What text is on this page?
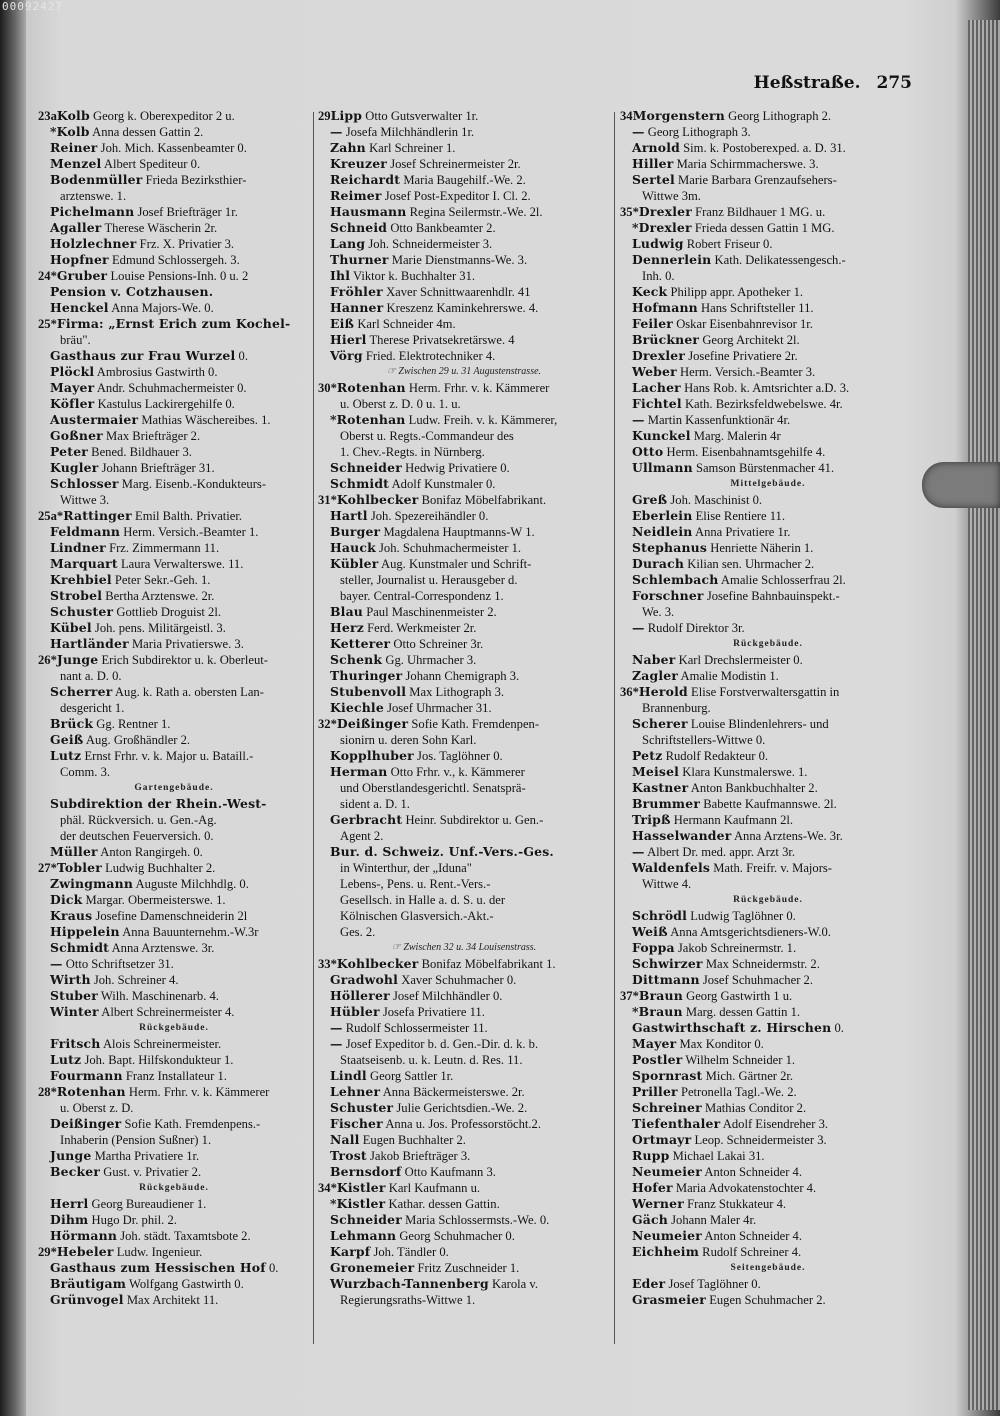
00092427
Heßstraße. 275
23aKolb Georg k. Oberexpeditor 2 u.
*Kolb Anna dessen Gattin 2.
Reiner Joh. Mich. Kassenbeamter 0.
Menzel Albert Spediteur 0.
Bodenmüller Frieda Bezirksthier-
arztenswe. 1.
Pichelmann Josef Briefträger 1r.
Agaller Therese Wäscherin 2r.
Holzlechner Frz. X. Privatier 3.
Hopfner Edmund Schlossergeh. 3.
24*Gruber Louise Pensions-Inh. 0 u. 2
Pension v. Cotzhausen.
Henckel Anna Majors-We. 0.
25*Firma: „Ernst Erich zum Kochel-
bräu".
Gasthaus zur Frau Wurzel 0.
Plöckl Ambrosius Gastwirth 0.
Mayer Andr. Schuhmachermeister 0.
Köfler Kastulus Lackirergehilfe 0.
Austermaier Mathias Wäschereibes. 1.
Goßner Max Briefträger 2.
Peter Bened. Bildhauer 3.
Kugler Johann Briefträger 31.
Schlosser Marg. Eisenb.-Kondukteurs-
Wittwe 3.
25a*Rattinger Emil Balth. Privatier.
Feldmann Herm. Versich.-Beamter 1.
Lindner Frz. Zimmermann 11.
Marquart Laura Verwalterswe. 11.
Krehbiel Peter Sekr.-Geh. 1.
Strobel Bertha Arztenswe. 2r.
Schuster Gottlieb Droguist 2l.
Kübel Joh. pens. Militärgeistl. 3.
Hartländer Maria Privatierswe. 3.
26*Junge Erich Subdirektor u. k. Oberleut-
nant a. D. 0.
Scherrer Aug. k. Rath a. obersten Lan-
desgericht 1.
Brück Gg. Rentner 1.
Geiß Aug. Großhändler 2.
Lutz Ernst Frhr. v. k. Major u. Bataill.-
Comm. 3.
Gartengebäude.
Subdirektion der Rhein.-West-
phäl. Rückversich. u. Gen.-Ag.
der deutschen Feuerversich. 0.
Müller Anton Rangirgeh. 0.
27*Tobler Ludwig Buchhalter 2.
Zwingmann Auguste Milchhdlg. 0.
Dick Margar. Obermeisterswe. 1.
Kraus Josefine Damenschneiderin 2l
Hippelein Anna Bauunternehm.-W.3r
Schmidt Anna Arztenswe. 3r.
— Otto Schriftsetzer 31.
Wirth Joh. Schreiner 4.
Stuber Wilh. Maschinenarb. 4.
Winter Albert Schreinermeister 4.
Rückgebäude.
Fritsch Alois Schreinermeister.
Lutz Joh. Bapt. Hilfskondukteur 1.
Fourmann Franz Installateur 1.
28*Rotenhan Herm. Frhr. v. k. Kämmerer
u. Oberst z. D.
Deißinger Sofie Kath. Fremdenpens.-
Inhaberin (Pension Sußner) 1.
Junge Martha Privatiere 1r.
Becker Gust. v. Privatier 2.
Rückgebäude.
Herrl Georg Bureaudiener 1.
Dihm Hugo Dr. phil. 2.
Hörmann Joh. städt. Taxamtsbote 2.
29*Hebeler Ludw. Ingenieur.
Gasthaus zum Hessischen Hof 0.
Bräutigam Wolfgang Gastwirth 0.
Grünvogel Max Architekt 11.
29Lipp Otto Gutsverwalter 1r.
— Josefa Milchhändlerin 1r.
Zahn Karl Schreiner 1.
Kreuzer Josef Schreinermeister 2r.
Reichardt Maria Baugehilf.-We. 2.
Reimer Josef Post-Expeditor I. Cl. 2.
Hausmann Regina Seilermstr.-We. 2l.
Schneid Otto Bankbeamter 2.
Lang Joh. Schneidermeister 3.
Thurner Marie Dienstmanns-We. 3.
Ihl Viktor k. Buchhalter 31.
Fröhler Xaver Schnittwaarenhdlr. 41
Hanner Kreszenz Kaminkehrerswe. 4.
Eiß Karl Schneider 4m.
Hierl Therese Privatsekretärswe. 4
Vörg Fried. Elektrotechniker 4.
☞ Zwischen 29 u. 31 Augustenstrasse.
30*Rotenhan Herm. Frhr. v. k. Kämmerer
u. Oberst z. D. 0 u. 1. u.
*Rotenhan Ludw. Freih. v. k. Kämmerer,
Oberst u. Regts.-Commandeur des
1. Chev.-Regts. in Nürnberg.
Schneider Hedwig Privatiere 0.
Schmidt Adolf Kunstmaler 0.
31*Kohlbecker Bonifaz Möbelfabrikant.
Hartl Joh. Spezereihändler 0.
Burger Magdalena Hauptmanns-W 1.
Hauck Joh. Schuhmachermeister 1.
Kübler Aug. Kunstmaler und Schrift-
steller, Journalist u. Herausgeber d.
bayer. Central-Correspondenz 1.
Blau Paul Maschinenmeister 2.
Herz Ferd. Werkmeister 2r.
Ketterer Otto Schreiner 3r.
Schenk Gg. Uhrmacher 3.
Thuringer Johann Chemigraph 3.
Stubenvoll Max Lithograph 3.
Kiechle Josef Uhrmacher 31.
32*Deißinger Sofie Kath. Fremdenpen-
sionirn u. deren Sohn Karl.
Kopplhuber Jos. Taglöhner 0.
Herman Otto Frhr. v., k. Kämmerer
und Oberstlandesgerichtl. Senatsprä-
sident a. D. 1.
Gerbracht Heinr. Subdirektor u. Gen.-
Agent 2.
Bur. d. Schweiz. Unf.-Vers.-Ges.
in Winterthur, der „Iduna"
Lebens-, Pens. u. Rent.-Vers.-
Gesellsch. in Halle a. d. S. u. der
Kölnischen Glasversich.-Akt.-
Ges. 2.
☞ Zwischen 32 u. 34 Louisenstrass.
33*Kohlbecker Bonifaz Möbelfabrikant 1.
Gradwohl Xaver Schuhmacher 0.
Höllerer Josef Milchhändler 0.
Hübler Josefa Privatiere 11.
— Rudolf Schlossermeister 11.
— Josef Expeditor b. d. Gen.-Dir. d. k. b.
Staatseisenb. u. k. Leutn. d. Res. 11.
Lindl Georg Sattler 1r.
Lehner Anna Bäckermeisterswe. 2r.
Schuster Julie Gerichtsdien.-We. 2.
Fischer Anna u. Jos. Professorstöcht.2.
Nall Eugen Buchhalter 2.
Trost Jakob Briefträger 3.
Bernsdorf Otto Kaufmann 3.
34*Kistler Karl Kaufmann u.
*Kistler Kathar. dessen Gattin.
Schneider Maria Schlossermsts.-We. 0.
Lehmann Georg Schuhmacher 0.
Karpf Joh. Tändler 0.
Gronemeier Fritz Zuschneider 1.
Wurzbach-Tannenberg Karola v.
Regierungsraths-Wittwe 1.
34Morgenstern Georg Lithograph 2.
— Georg Lithograph 3.
Arnold Sim. k. Postoberexped. a. D. 31.
Hiller Maria Schirmmacherswe. 3.
Sertel Marie Barbara Grenzaufsehers-
Wittwe 3m.
35*Drexler Franz Bildhauer 1 MG. u.
*Drexler Frieda dessen Gattin 1 MG.
Ludwig Robert Friseur 0.
Dennerlein Kath. Delikatessengesch.-
Inh. 0.
Keck Philipp appr. Apotheker 1.
Hofmann Hans Schriftsteller 11.
Feiler Oskar Eisenbahnrevisor 1r.
Brückner Georg Architekt 2l.
Drexler Josefine Privatiere 2r.
Weber Herm. Versich.-Beamter 3.
Lacher Hans Rob. k. Amtsrichter a.D. 3.
Fichtel Kath. Bezirksfeldwebelswe. 4r.
— Martin Kassenfunktionär 4r.
Kunckel Marg. Malerin 4r
Otto Herm. Eisenbahnamtsgehilfe 4.
Ullmann Samson Bürstenmacher 41.
Mittelgebäude.
Greß Joh. Maschinist 0.
Eberlein Elise Rentiere 11.
Neidlein Anna Privatiere 1r.
Stephanus Henriette Näherin 1.
Durach Kilian sen. Uhrmacher 2.
Schlembach Amalie Schlosserfrau 2l.
Forschner Josefine Bahnbauinspekt.-
We. 3.
— Rudolf Direktor 3r.
Rückgebäude.
Naber Karl Drechslermeister 0.
Zagler Amalie Modistin 1.
36*Herold Elise Forstverwaltersgattin in
Brannenburg.
Scherer Louise Blindenlehrers- und
Schriftstellers-Wittwe 0.
Petz Rudolf Redakteur 0.
Meisel Klara Kunstmalerswe. 1.
Kastner Anton Bankbuchhalter 2.
Brummer Babette Kaufmannswe. 2l.
Tripß Hermann Kaufmann 2l.
Hasselwander Anna Arztens-We. 3r.
— Albert Dr. med. appr. Arzt 3r.
Waldenfels Math. Freifr. v. Majors-
Wittwe 4.
Rückgebäude.
Schrödl Ludwig Taglöhner 0.
Weiß Anna Amtsgerichtsdieners-W.0.
Foppa Jakob Schreinermstr. 1.
Schwirzer Max Schneidermstr. 2.
Dittmann Josef Schuhmacher 2.
37*Braun Georg Gastwirth 1 u.
*Braun Marg. dessen Gattin 1.
Gastwirthschaft z. Hirschen 0.
Mayer Max Konditor 0.
Postler Wilhelm Schneider 1.
Spornrast Mich. Gärtner 2r.
Priller Petronella Tagl.-We. 2.
Schreiner Mathias Conditor 2.
Tiefenthaler Adolf Eisendreher 3.
Ortmayr Leop. Schneidermeister 3.
Rupp Michael Lakai 31.
Neumeier Anton Schneider 4.
Hofer Maria Advokatenstochter 4.
Werner Franz Stukkateur 4.
Gäch Johann Maler 4r.
Neumeier Anton Schneider 4.
Eichheim Rudolf Schreiner 4.
Seitengebäude.
Eder Josef Taglöhner 0.
Grasmeier Eugen Schuhmacher 2.
